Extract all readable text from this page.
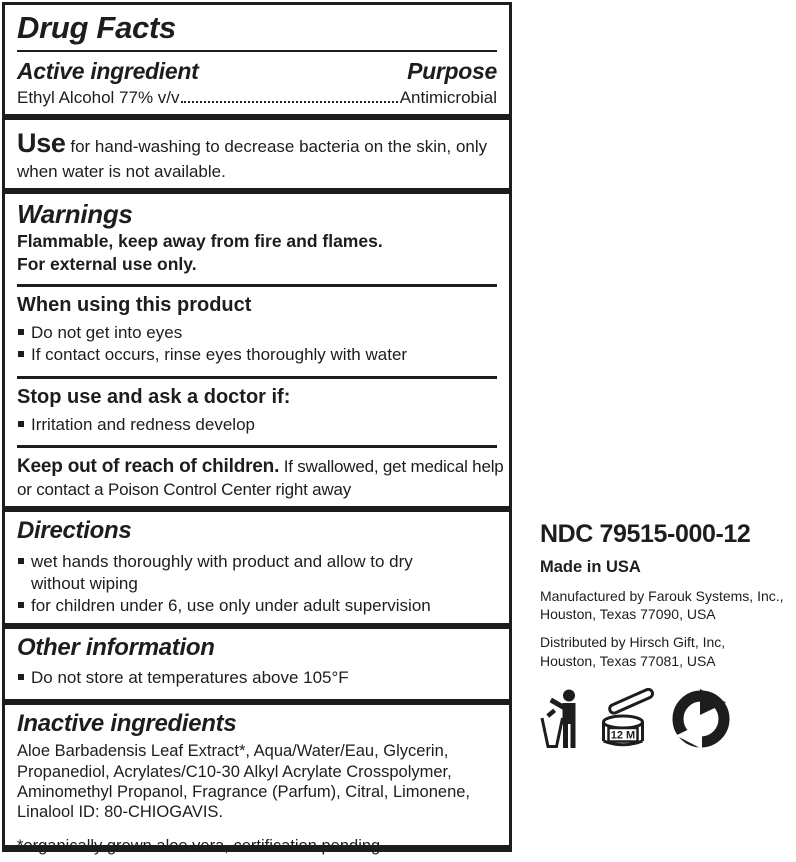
Drug Facts
Active ingredient	Purpose
Ethyl Alcohol 77% v/v	Antimicrobial

Use for hand-washing to decrease bacteria on the skin, only when water is not available.

Warnings

Flammable, keep away from fire and flames.

For external use only.

When using this product
Do not get into eyes
If contact occurs, rinse eyes thoroughly with water
Stop use and ask a doctor if:
Irritation and redness develop

Keep out of reach of children. If swallowed, get medical help or contact a Poison Control Center right away

Directions
wet hands thoroughly with product and allow to dry without wiping
for children under 6, use only under adult supervision
Other information
Do not store at temperatures above 105°F
Inactive ingredients

Aloe Barbadensis Leaf Extract*, Aqua/Water/Eau, Glycerin, Propanediol, Acrylates/C10-30 Alkyl Acrylate Crosspolymer, Aminomethyl Propanol, Fragrance (Parfum), Citral, Limonene, Linalool ID: 80-CHIOGAVIS.

*organically grown aloe vera, certification pending

NDC 79515-000-12
Made in USA
Manufactured by Farouk Systems, Inc.,
Houston, Texas 77090, USA
Distributed by Hirsch Gift, Inc,
Houston, Texas 77081, USA
12 M
